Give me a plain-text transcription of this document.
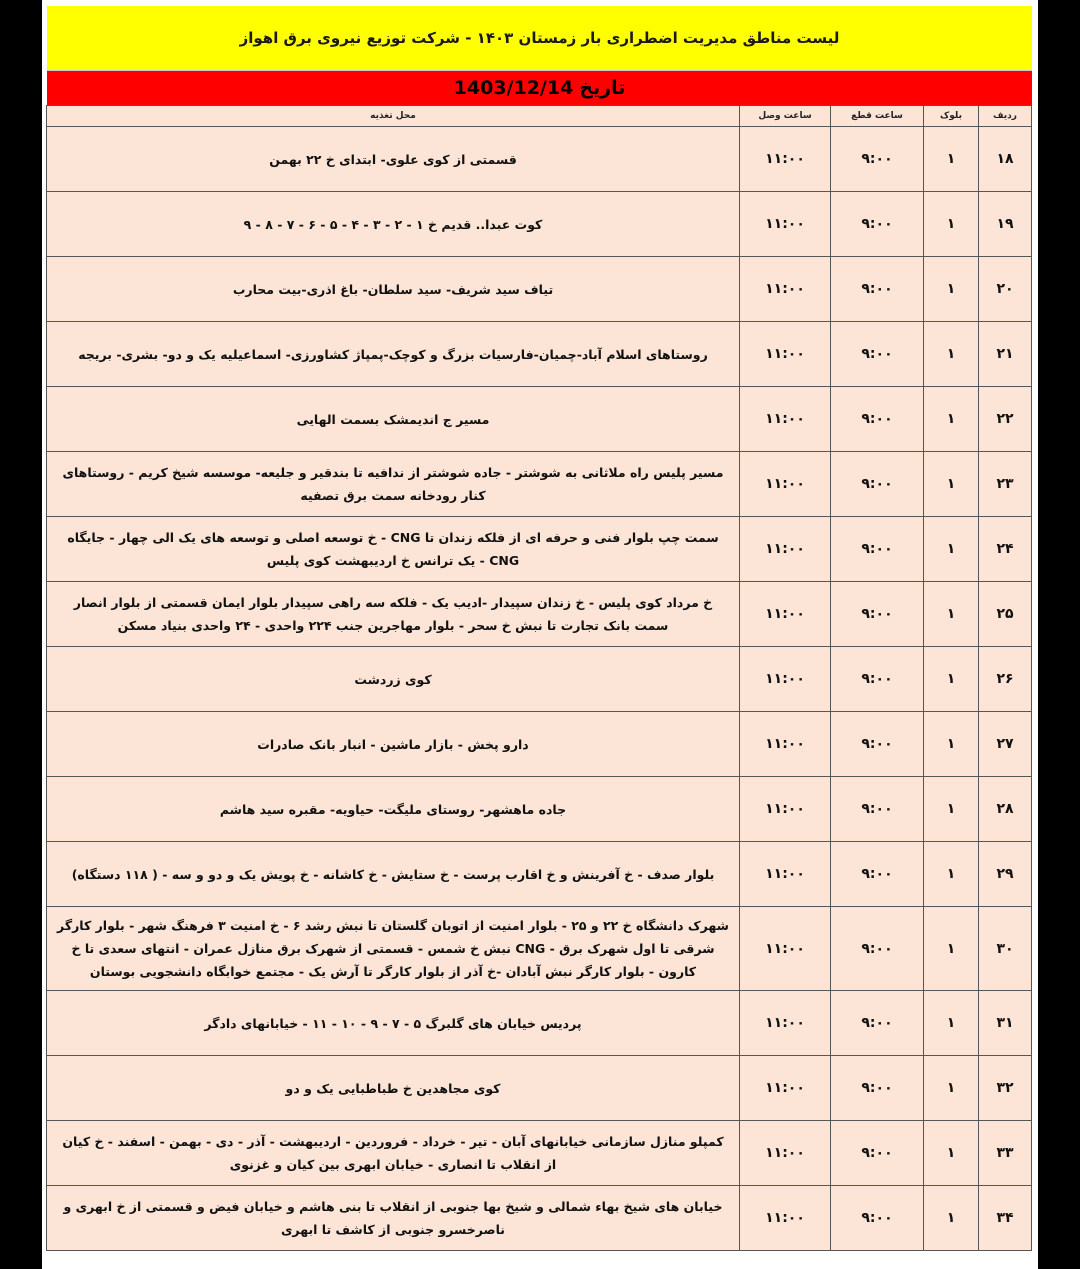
لیست مناطق مدیریت اضطراری بار زمستان ۱۴۰۳ - شرکت توزیع نیروی برق اهواز
تاریخ
1403/12/14
ردیف	بلوک	ساعت قطع	ساعت وصل	محل تغذیه
۱۸	۱	۹:۰۰	۱۱:۰۰	قسمتی از کوی علوی- ابتدای خ ۲۲ بهمن
۱۹	۱	۹:۰۰	۱۱:۰۰	کوت عبدا.. قدیم خ ۱ - ۲ - ۳ - ۴ - ۵ - ۶ - ۷ - ۸ - ۹
۲۰	۱	۹:۰۰	۱۱:۰۰	تیاف سید شریف- سید سلطان- باغ اذری-بیت محارب
۲۱	۱	۹:۰۰	۱۱:۰۰	روستاهای اسلام آباد-چمیان-فارسیات بزرگ و کوچک-پمپاژ کشاورزی- اسماعیلیه یک و دو- بشری- بریجه
۲۲	۱	۹:۰۰	۱۱:۰۰	مسیر ج اندیمشک بسمت الهایی
۲۳	۱	۹:۰۰	۱۱:۰۰	مسیر پلیس راه ملاثانی به شوشتر - جاده شوشتر از ندافیه تا بندقیر و جلیعه- موسسه شیخ کریم - روستاهای کنار رودخانه سمت برق تصفیه
۲۴	۱	۹:۰۰	۱۱:۰۰	سمت چپ بلوار فنی و حرفه ای از فلکه زندان تا CNG - خ توسعه اصلی و توسعه های یک الی چهار - جایگاه CNG - یک ترانس خ اردیبهشت کوی پلیس
۲۵	۱	۹:۰۰	۱۱:۰۰	خ مرداد کوی پلیس - خ زندان سپیدار -ادیب یک - فلکه سه راهی سپیدار بلوار ایمان قسمتی از بلوار انصار سمت بانک تجارت تا نبش خ سحر - بلوار مهاجرین جنب ۲۲۴ واحدی - ۲۴ واحدی بنیاد مسکن
۲۶	۱	۹:۰۰	۱۱:۰۰	کوی زردشت
۲۷	۱	۹:۰۰	۱۱:۰۰	دارو پخش - بازار ماشین - انبار بانک صادرات
۲۸	۱	۹:۰۰	۱۱:۰۰	جاده ماهشهر- روستای ملیگت- حیاویه- مقبره سید هاشم
۲۹	۱	۹:۰۰	۱۱:۰۰	بلوار صدف - خ آفرینش و خ اقارب پرست - خ ستایش - خ کاشانه - خ پویش یک و دو و سه - ( ۱۱۸ دستگاه)
۳۰	۱	۹:۰۰	۱۱:۰۰	شهرک دانشگاه خ ۲۲ و ۲۵ - بلوار امنیت از اتوبان گلستان تا نبش رشد ۶ - خ امنیت ۳ فرهنگ شهر - بلوار کارگر شرقی تا اول شهرک برق - CNG نبش خ شمس - قسمتی از شهرک برق منازل عمران - انتهای سعدی تا خ کارون - بلوار کارگر نبش آبادان -خ آذر از بلوار کارگر تا آرش یک - مجتمع خوابگاه دانشجویی بوستان
۳۱	۱	۹:۰۰	۱۱:۰۰	پردیس خیابان های گلبرگ ۵ - ۷ - ۹ - ۱۰ - ۱۱ - خیابانهای دادگر
۳۲	۱	۹:۰۰	۱۱:۰۰	کوی مجاهدین خ طباطبایی یک و دو
۳۳	۱	۹:۰۰	۱۱:۰۰	کمپلو منازل سازمانی خیابانهای آبان - تیر - خرداد - فروردین - اردیبهشت - آذر - دی - بهمن - اسفند - خ کیان از انقلاب تا انصاری - خیابان ابهری بین کیان و غزنوی
۳۴	۱	۹:۰۰	۱۱:۰۰	خیابان های شیخ بهاء شمالی و شیخ بها جنوبی از انقلاب تا بنی هاشم و خیابان فیض و قسمتی از خ ابهری و ناصرخسرو جنوبی از کاشف تا ابهری
